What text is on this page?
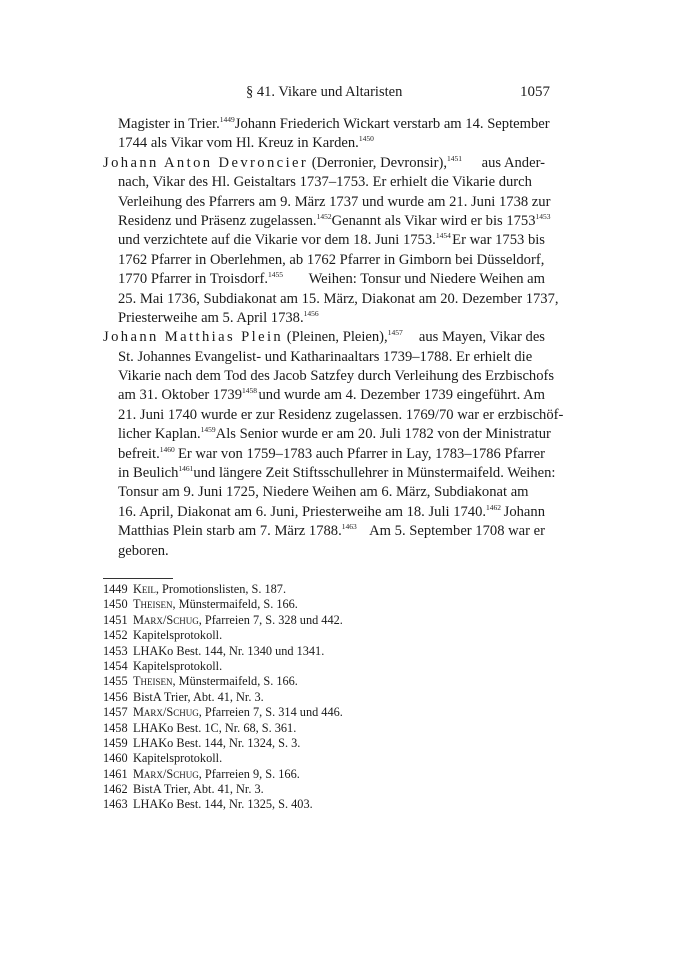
§ 41. Vikare und Altaristen	1057
Magister in Trier.$^{1449}$ Johann Friederich Wickart verstarb am 14. September
1744 als Vikar vom Hl. Kreuz in Karden.$^{1450}$
Johann Anton Devroncier (Derronier, Devronsir),$^{1451}$ aus Ander-
nach, Vikar des Hl. Geistaltars 1737–1753. Er erhielt die Vikarie durch
Verleihung des Pfarrers am 9. März 1737 und wurde am 21. Juni 1738 zur
Residenz und Präsenz zugelassen.$^{1452}$ Genannt als Vikar wird er bis $1753^{1453}$
und verzichtete auf die Vikarie vor dem 18. Juni 1753.$^{1454}$ Er war 1753 bis
1762 Pfarrer in Oberlehmen, ab 1762 Pfarrer in Gimborn bei Düsseldorf,
1770 Pfarrer in Troisdorf.$^{1455}$ Weihen: Tonsur und Niedere Weihen am
25. Mai 1736, Subdiakonat am 15. März, Diakonat am 20. Dezember 1737,
Priesterweihe am 5. April 1738.$^{1456}$
Johann Matthias Plein (Pleinen, Pleien),$^{1457}$ aus Mayen, Vikar des
St. Johannes Evangelist- und Katharinaaltars 1739–1788. Er erhielt die
Vikarie nach dem Tod des Jacob Satzfey durch Verleihung des Erzbischofs
am 31. Oktober $1739^{1458}$ und wurde am 4. Dezember 1739 eingeführt. Am
21. Juni 1740 wurde er zur Residenz zugelassen. 1769/70 war er erzbischöf-
licher Kaplan.$^{1459}$ Als Senior wurde er am 20. Juli 1782 von der Ministratur
befreit.$^{1460}$ Er war von 1759–1783 auch Pfarrer in Lay, 1783–1786 Pfarrer
in Beulich$^{1461}$ und längere Zeit Stiftsschullehrer in Münstermaifeld. Weihen:
Tonsur am 9. Juni 1725, Niedere Weihen am 6. März, Subdiakonat am
16. April, Diakonat am 6. Juni, Priesterweihe am 18. Juli 1740.$^{1462}$ Johann
Matthias Plein starb am 7. März 1788.$^{1463}$ Am 5. September 1708 war er
geboren.
1449 Keil, Promotionslisten, S. 187.
1450 Theisen, Münstermaifeld, S. 166.
1451 Marx/Schug, Pfarreien 7, S. 328 und 442.
1452 Kapitelsprotokoll.
1453 LHAKo Best. 144, Nr. 1340 und 1341.
1454 Kapitelsprotokoll.
1455 Theisen, Münstermaifeld, S. 166.
1456 BistA Trier, Abt. 41, Nr. 3.
1457 Marx/Schug, Pfarreien 7, S. 314 und 446.
1458 LHAKo Best. 1C, Nr. 68, S. 361.
1459 LHAKo Best. 144, Nr. 1324, S. 3.
1460 Kapitelsprotokoll.
1461 Marx/Schug, Pfarreien 9, S. 166.
1462 BistA Trier, Abt. 41, Nr. 3.
1463 LHAKo Best. 144, Nr. 1325, S. 403.
